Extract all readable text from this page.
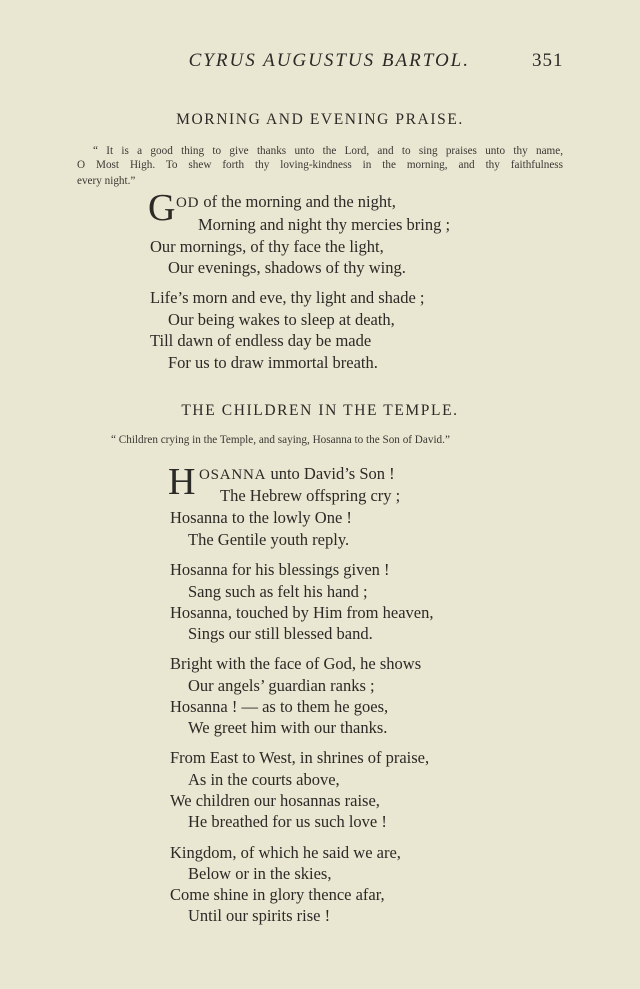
CYRUS AUGUSTUS BARTOL.	351
MORNING AND EVENING PRAISE.
“ It is a good thing to give thanks unto the Lord, and to sing praises unto thy name,
O Most High. To shew forth thy loving-kindness in the morning, and thy faithfulness
every night.”
G OD of the morning and the night,
Morning and night thy mercies bring ;
Our mornings, of thy face the light,
Our evenings, shadows of thy wing.
Life’s morn and eve, thy light and shade ;
Our being wakes to sleep at death,
Till dawn of endless day be made
For us to draw immortal breath.
THE CHILDREN IN THE TEMPLE.
“ Children crying in the Temple, and saying, Hosanna to the Son of David.”
H OSANNA unto David’s Son !
The Hebrew offspring cry ;
Hosanna to the lowly One !
The Gentile youth reply.
Hosanna for his blessings given !
Sang such as felt his hand ;
Hosanna, touched by Him from heaven,
Sings our still blessed band.
Bright with the face of God, he shows
Our angels’ guardian ranks ;
Hosanna ! — as to them he goes,
We greet him with our thanks.
From East to West, in shrines of praise,
As in the courts above,
We children our hosannas raise,
He breathed for us such love !
Kingdom, of which he said we are,
Below or in the skies,
Come shine in glory thence afar,
Until our spirits rise !
